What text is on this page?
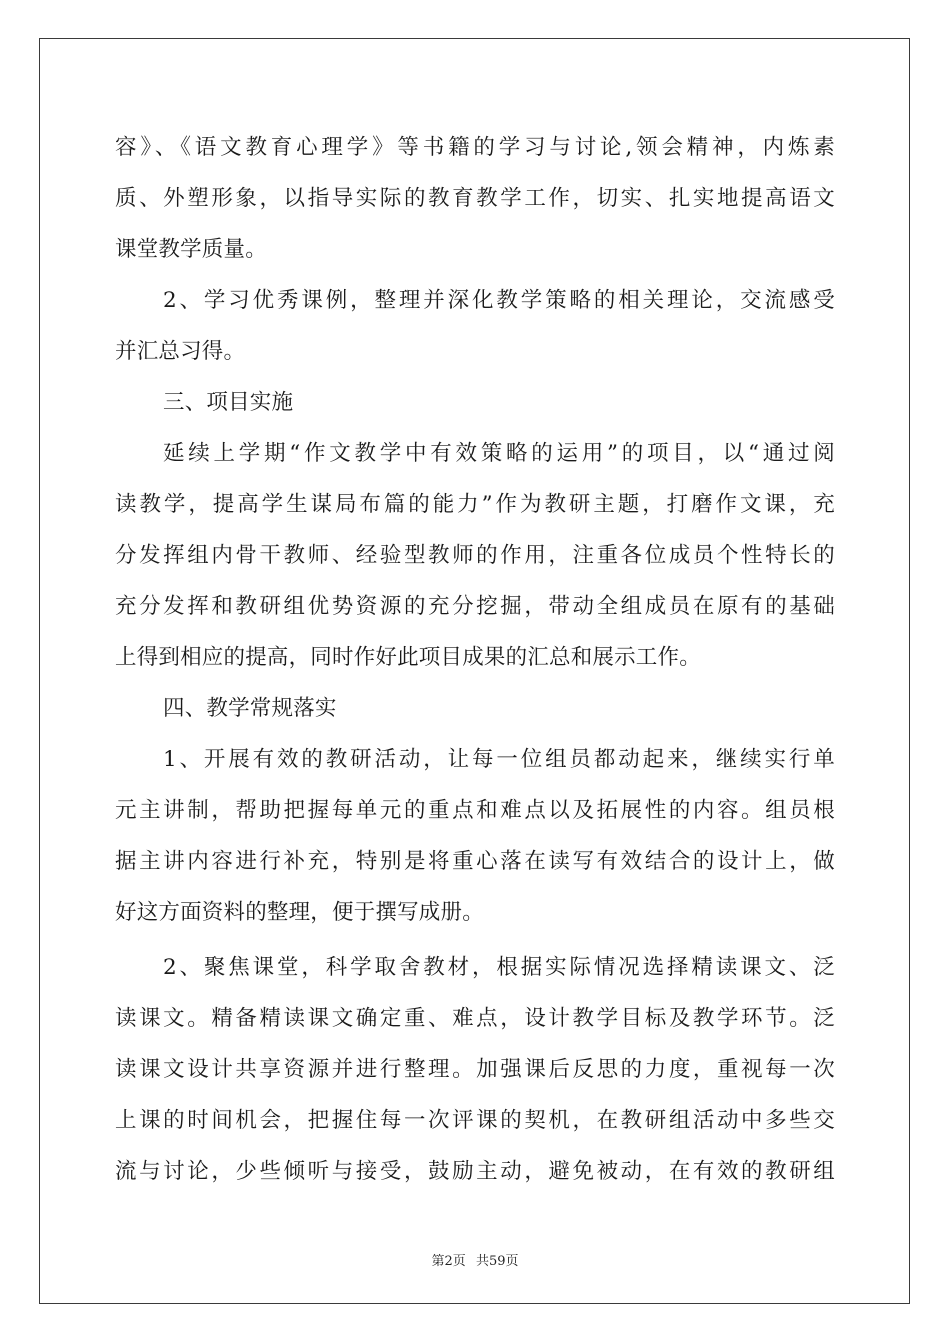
容》、《语文教育心理学》等书籍的学习与讨论,领会精神，内炼素
质、外塑形象，以指导实际的教育教学工作，切实、扎实地提高语文
课堂教学质量。
2、学习优秀课例，整理并深化教学策略的相关理论，交流感受
并汇总习得。
三、项目实施
延续上学期“作文教学中有效策略的运用”的项目，以“通过阅
读教学，提高学生谋局布篇的能力”作为教研主题，打磨作文课，充
分发挥组内骨干教师、经验型教师的作用，注重各位成员个性特长的
充分发挥和教研组优势资源的充分挖掘，带动全组成员在原有的基础
上得到相应的提高，同时作好此项目成果的汇总和展示工作。
四、教学常规落实
1、开展有效的教研活动，让每一位组员都动起来，继续实行单
元主讲制，帮助把握每单元的重点和难点以及拓展性的内容。组员根
据主讲内容进行补充，特别是将重心落在读写有效结合的设计上，做
好这方面资料的整理，便于撰写成册。
2、聚焦课堂，科学取舍教材，根据实际情况选择精读课文、泛
读课文。精备精读课文确定重、难点，设计教学目标及教学环节。泛
读课文设计共享资源并进行整理。加强课后反思的力度，重视每一次
上课的时间机会，把握住每一次评课的契机，在教研组活动中多些交
流与讨论，少些倾听与接受，鼓励主动，避免被动，在有效的教研组
第2页 共59页
